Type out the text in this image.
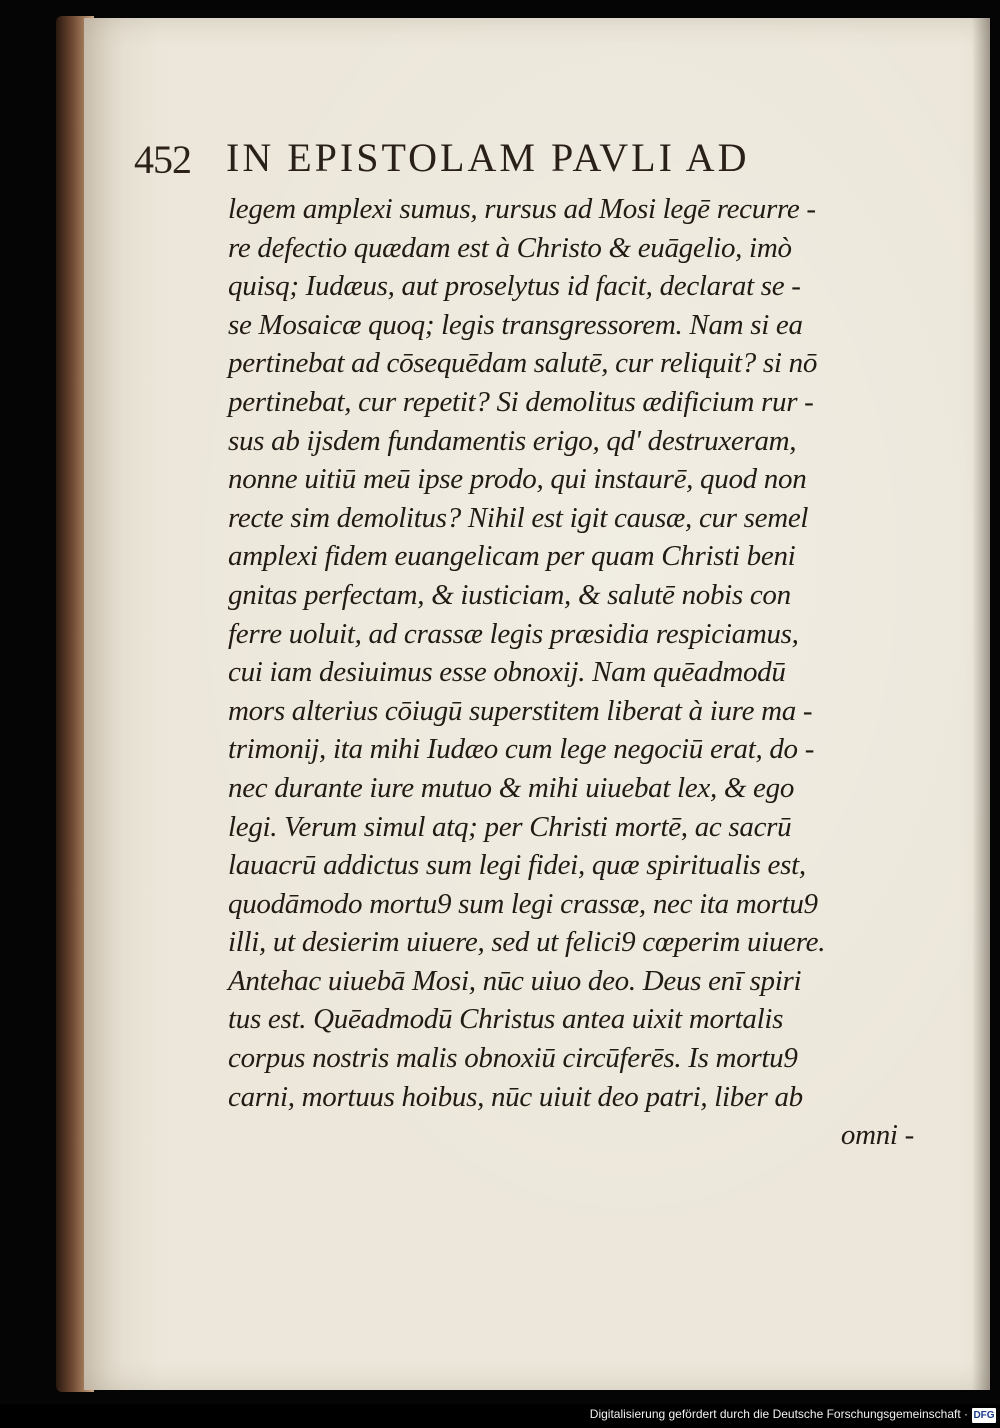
452 IN EPISTOLAM PAVLI AD
legem amplexi sumus, rursus ad Mosi legē recurre -
re defectio quædam est à Christo & euāgelio, imò
quisq; Iudæus, aut proselytus id facit, declarat se -
se Mosaicæ quoq; legis transgressorem. Nam si ea
pertinebat ad cōsequēdam salutē, cur reliquit? si nō
pertinebat, cur repetit? Si demolitus ædificium rur -
sus ab ijsdem fundamentis erigo, qd' destruxeram,
nonne uitiū meū ipse prodo, qui instaurē, quod non
recte sim demolitus? Nihil est igit causæ, cur semel
amplexi fidem euangelicam per quam Christi beni
gnitas perfectam, & iusticiam, & salutē nobis con
ferre uoluit, ad crassæ legis præsidia respiciamus,
cui iam desiuimus esse obnoxij. Nam quēadmodū
mors alterius cōiugū superstitem liberat à iure ma -
trimonij, ita mihi Iudæo cum lege negociū erat, do -
nec durante iure mutuo & mihi uiuebat lex, & ego
legi. Verum simul atq; per Christi mortē, ac sacrū
lauacrū addictus sum legi fidei, quæ spiritualis est,
quodāmodo mortu9 sum legi crassæ, nec ita mortu9
illi, ut desierim uiuere, sed ut felici9 cœperim uiuere.
Antehac uiuebā Mosi, nūc uiuo deo. Deus enī spiri
tus est. Quēadmodū Christus antea uixit mortalis
corpus nostris malis obnoxiū circūferēs. Is mortu9
carni, mortuus hoibus, nūc uiuit deo patri, liber ab
omni -
Digitalisierung gefördert durch die Deutsche Forschungsgemeinschaft · DFG
